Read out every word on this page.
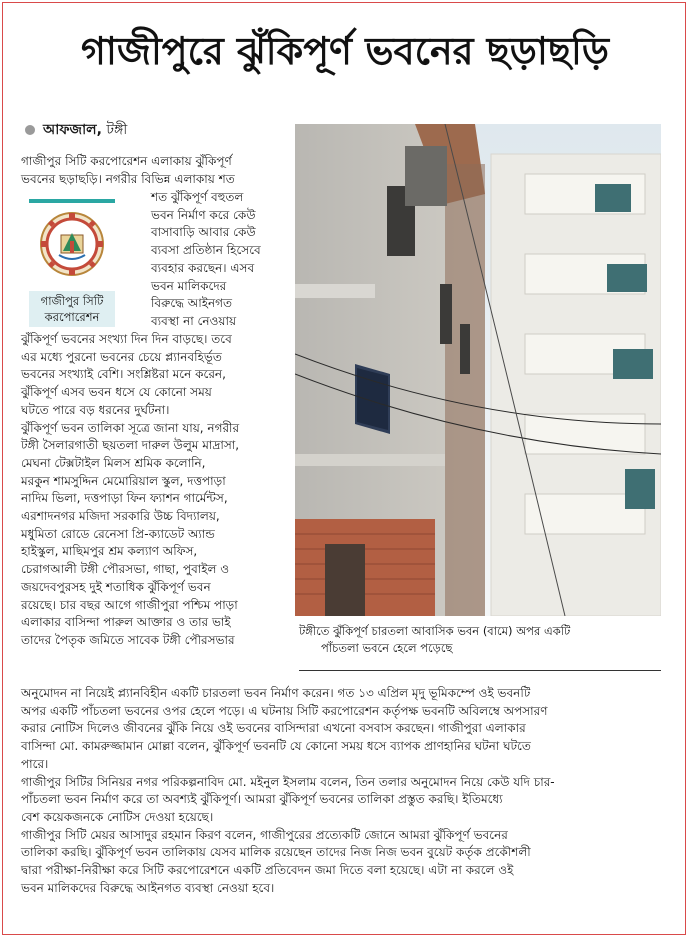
গাজীপুরে ঝুঁকিপূর্ণ ভবনের ছড়াছড়ি
আফজাল, টঙ্গী
গাজীপুর সিটি করপোরেশন এলাকায় ঝুঁকিপূর্ণ
ভবনের ছড়াছড়ি। নগরীর বিভিন্ন এলাকায় শত
শত ঝুঁকিপূর্ণ বহুতল
ভবন নির্মাণ করে কেউ
বাসাবাড়ি আবার কেউ
ব্যবসা প্রতিষ্ঠান হিসেবে
ব্যবহার করছেন। এসব
ভবন মালিকদের
বিরুদ্ধে আইনগত
ব্যবস্থা না নেওয়ায়
গাজীপুর সিটি করপোরেশন
ঝুঁকিপূর্ণ ভবনের সংখ্যা দিন দিন বাড়ছে। তবে
এর মধ্যে পুরনো ভবনের চেয়ে প্ল্যানবহির্ভূত
ভবনের সংখ্যাই বেশি। সংশ্লিষ্টরা মনে করেন,
ঝুঁকিপূর্ণ এসব ভবন ধসে যে কোনো সময়
ঘটতে পারে বড় ধরনের দুর্ঘটনা।
ঝুঁকিপূর্ণ ভবন তালিকা সূত্রে জানা যায়, নগরীর
টঙ্গী সৈলারগাতী ছয়তলা দারুল উলুম মাদ্রাসা,
মেঘনা টেক্সটাইল মিলস শ্রমিক কলোনি,
মরকুন শামসুদ্দিন মেমোরিয়াল স্কুল, দত্তপাড়া
নাদিম ভিলা, দত্তপাড়া ফিন ফ্যাশন গার্মেন্টস,
এরশাদনগর মজিদা সরকারি উচ্চ বিদ্যালয়,
মধুমিতা রোডে রেনেসা প্রি-ক্যাডেট অ্যান্ড
হাইস্কুল, মাছিমপুর শ্রম কল্যাণ অফিস,
চেরাগআলী টঙ্গী পৌরসভা, গাছা, পুবাইল ও
জয়দেবপুরসহ দুই শতাধিক ঝুঁকিপূর্ণ ভবন
রয়েছে। চার বছর আগে গাজীপুরা পশ্চিম পাড়া
এলাকার বাসিন্দা পারুল আক্তার ও তার ভাই
তাদের পৈতৃক জমিতে সাবেক টঙ্গী পৌরসভার
টঙ্গীতে ঝুঁকিপূর্ণ চারতলা আবাসিক ভবন (বামে) অপর একটি
পাঁচতলা ভবনে হেলে পড়েছে
অনুমোদন না নিয়েই প্ল্যানবিহীন একটি চারতলা ভবন নির্মাণ করেন। গত ১৩ এপ্রিল মৃদু ভূমিকম্পে ওই ভবনটি
অপর একটি পাঁচতলা ভবনের ওপর হেলে পড়ে। এ ঘটনায় সিটি করপোরেশন কর্তৃপক্ষ ভবনটি অবিলম্বে অপসারণ
করার নোটিস দিলেও জীবনের ঝুঁকি নিয়ে ওই ভবনের বাসিন্দারা এখনো বসবাস করছেন। গাজীপুরা এলাকার
বাসিন্দা মো. কামরুজ্জামান মোল্লা বলেন, ঝুঁকিপূর্ণ ভবনটি যে কোনো সময় ধসে ব্যাপক প্রাণহানির ঘটনা ঘটতে
পারে।
গাজীপুর সিটির সিনিয়র নগর পরিকল্পনাবিদ মো. মইনুল ইসলাম বলেন, তিন তলার অনুমোদন নিয়ে কেউ যদি চার-
পাঁচতলা ভবন নির্মাণ করে তা অবশ্যই ঝুঁকিপূর্ণ। আমরা ঝুঁকিপূর্ণ ভবনের তালিকা প্রস্তুত করছি। ইতিমধ্যে
বেশ কয়েকজনকে নোটিস দেওয়া হয়েছে।
গাজীপুর সিটি মেয়র আসাদুর রহমান কিরণ বলেন, গাজীপুরের প্রত্যেকটি জোনে আমরা ঝুঁকিপূর্ণ ভবনের
তালিকা করছি। ঝুঁকিপূর্ণ ভবন তালিকায় যেসব মালিক রয়েছেন তাদের নিজ নিজ ভবন বুয়েট কর্তৃক প্রকৌশলী
দ্বারা পরীক্ষা-নিরীক্ষা করে সিটি করপোরেশনে একটি প্রতিবেদন জমা দিতে বলা হয়েছে। এটা না করলে ওই
ভবন মালিকদের বিরুদ্ধে আইনগত ব্যবস্থা নেওয়া হবে।
